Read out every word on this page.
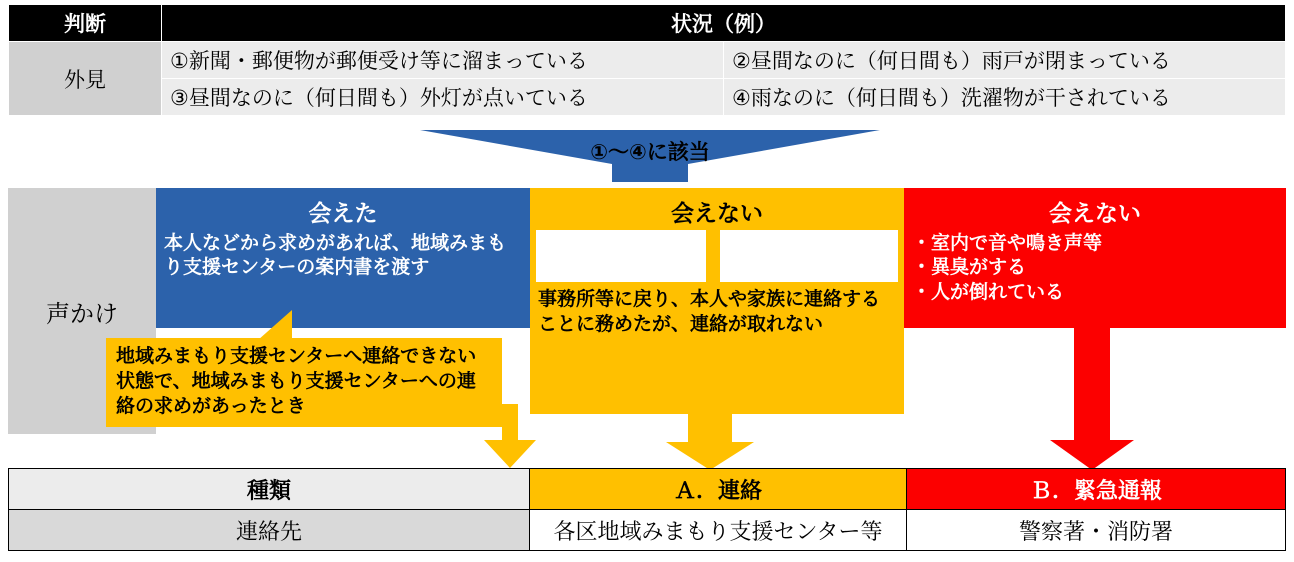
判断	状況（例）	

外見	①新聞・郵便物が郵便受け等に溜まっている	②昼間なのに（何日間も）雨戸が閉まっている
	③昼間なのに（何日間も）外灯が点いている	④雨なのに（何日間も）洗濯物が干されている
①～④に該当
声かけ
会えた
本人などから求めがあれば、地域みまもり支援センターの案内書を渡す
会えない
事務所等に戻り、本人や家族に連絡することに務めたが、連絡が取れない
会えない
・室内で音や鳴き声等
・異臭がする
・人が倒れている
地域みまもり支援センターへ連絡できない状態で、地域みまもり支援センターへの連絡の求めがあったとき
種類	Ａ．連絡	Ｂ．緊急通報
連絡先	各区地域みまもり支援センター等	警察著・消防署
